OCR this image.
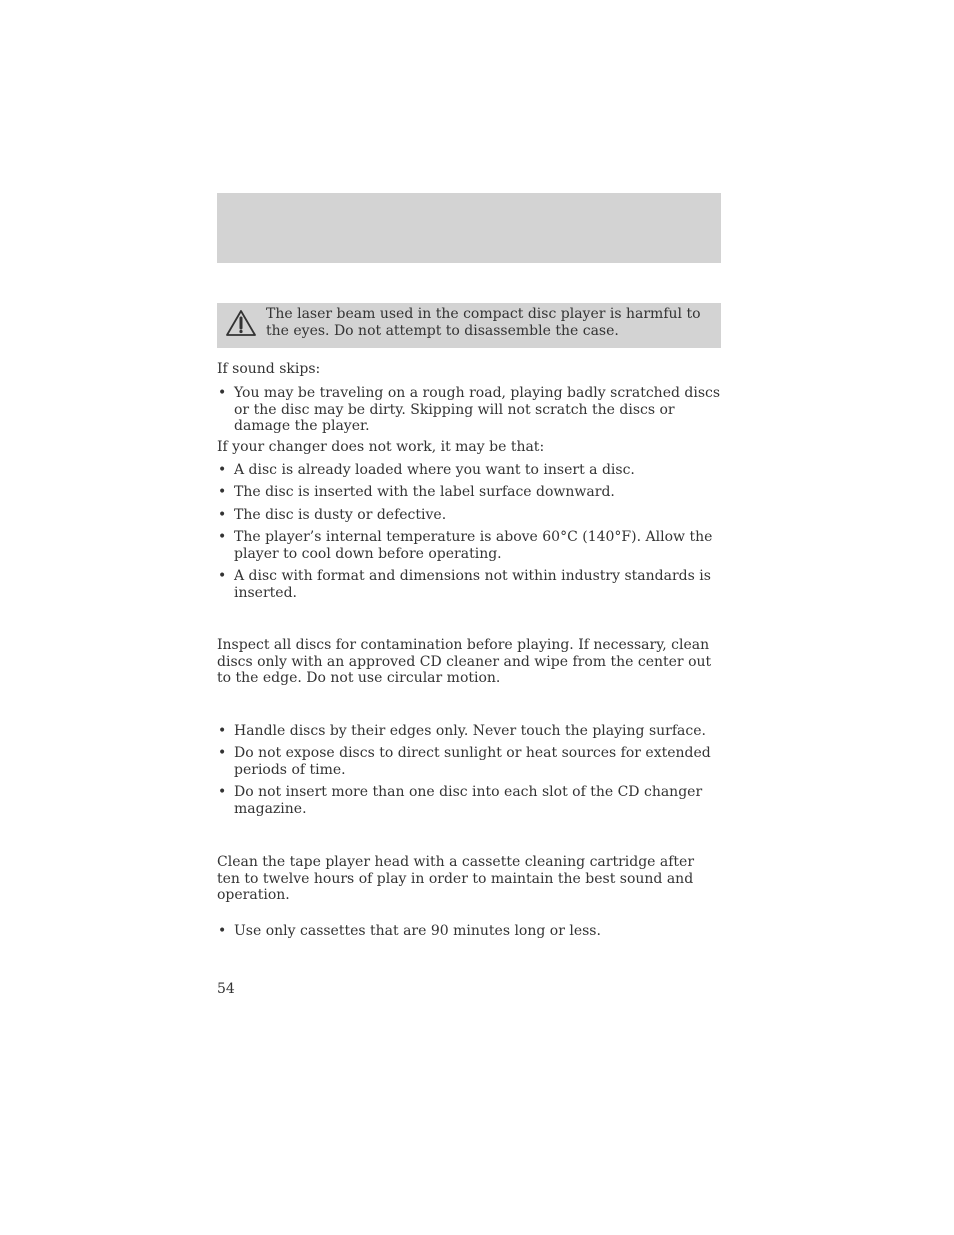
The laser beam used in the compact disc player is harmful to the eyes. Do not attempt to disassemble the case.

If sound skips:

• You may be traveling on a rough road, playing badly scratched discs or the disc may be dirty. Skipping will not scratch the discs or damage the player.

If your changer does not work, it may be that:

• A disc is already loaded where you want to insert a disc.
• The disc is inserted with the label surface downward.
• The disc is dusty or defective.
• The player’s internal temperature is above 60°C (140°F). Allow the player to cool down before operating.
• A disc with format and dimensions not within industry standards is inserted.

Inspect all discs for contamination before playing. If necessary, clean discs only with an approved CD cleaner and wipe from the center out to the edge. Do not use circular motion.

• Handle discs by their edges only. Never touch the playing surface.
• Do not expose discs to direct sunlight or heat sources for extended periods of time.
• Do not insert more than one disc into each slot of the CD changer magazine.

Clean the tape player head with a cassette cleaning cartridge after ten to twelve hours of play in order to maintain the best sound and operation.

• Use only cassettes that are 90 minutes long or less.
54
